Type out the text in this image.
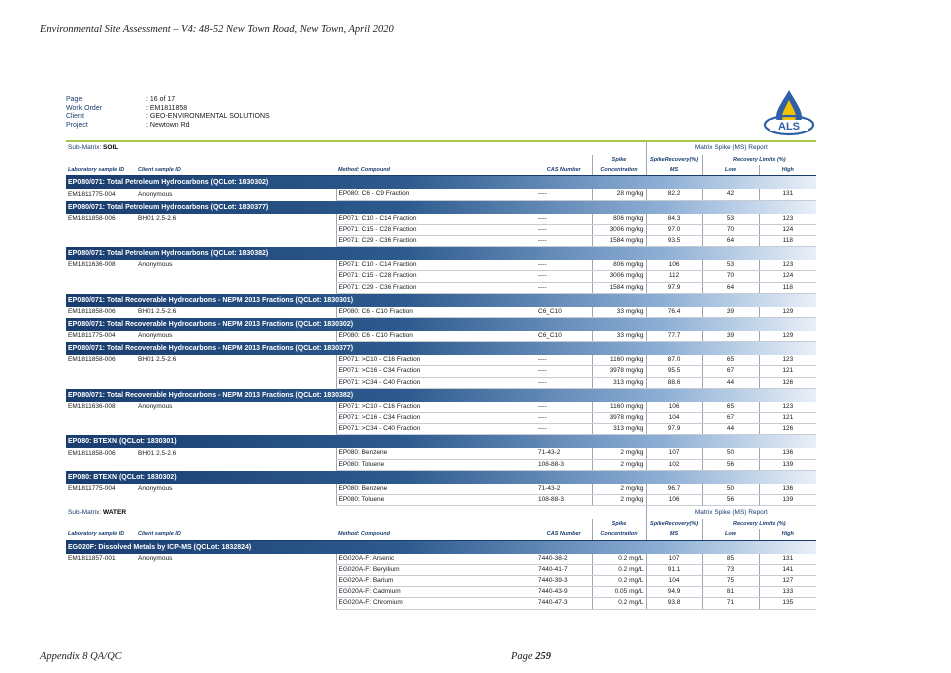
Environmental Site Assessment – V4: 48-52 New Town Road, New Town, April 2020
Page	: 16 of 17
Work Order	: EM1811858
Client	: GEO-ENVIRONMENTAL SOLUTIONS
Project	: Newtown Rd	ALS
Sub-Matrix: SOIL					Matrix Spike (MS) Report		
				Spike	SpikeRecovery(%)	Recovery Limits (%)	
Laboratory sample ID	Client sample ID	Method: Compound	CAS Number	Concentration	MS	Low	High
EP080/071: Total Petroleum Hydrocarbons (QCLot: 1830302)							
EM1811775-004	Anonymous	EP080: C6 - C9 Fraction	----	28 mg/kg	82.2	42	131
EP080/071: Total Petroleum Hydrocarbons (QCLot: 1830377)							
EM1811858-006	BH01 2.5-2.6	EP071: C10 - C14 Fraction	----	806 mg/kg	84.3	53	123
		EP071: C15 - C28 Fraction	----	3006 mg/kg	97.0	70	124
		EP071: C29 - C36 Fraction	----	1584 mg/kg	93.5	64	118
EP080/071: Total Petroleum Hydrocarbons (QCLot: 1830382)							
EM1811636-008	Anonymous	EP071: C10 - C14 Fraction	----	806 mg/kg	106	53	123
		EP071: C15 - C28 Fraction	----	3006 mg/kg	112	70	124
		EP071: C29 - C36 Fraction	----	1584 mg/kg	97.9	64	118
EP080/071: Total Recoverable Hydrocarbons - NEPM 2013 Fractions (QCLot: 1830301)							
EM1811858-006	BH01 2.5-2.6	EP080: C6 - C10 Fraction	C6_C10	33 mg/kg	76.4	39	129
EP080/071: Total Recoverable Hydrocarbons - NEPM 2013 Fractions (QCLot: 1830302)							
EM1811775-004	Anonymous	EP080: C6 - C10 Fraction	C6_C10	33 mg/kg	77.7	39	129
EP080/071: Total Recoverable Hydrocarbons - NEPM 2013 Fractions (QCLot: 1830377)							
EM1811858-006	BH01 2.5-2.6	EP071: >C10 - C16 Fraction	----	1160 mg/kg	87.0	65	123
		EP071: >C16 - C34 Fraction	----	3978 mg/kg	95.5	67	121
		EP071: >C34 - C40 Fraction	----	313 mg/kg	88.6	44	126
EP080/071: Total Recoverable Hydrocarbons - NEPM 2013 Fractions (QCLot: 1830382)							
EM1811636-008	Anonymous	EP071: >C10 - C16 Fraction	----	1160 mg/kg	106	65	123
		EP071: >C16 - C34 Fraction	----	3978 mg/kg	104	67	121
		EP071: >C34 - C40 Fraction	----	313 mg/kg	97.9	44	126
EP080: BTEXN (QCLot: 1830301)							
EM1811858-006	BH01 2.5-2.6	EP080: Benzene	71-43-2	2 mg/kg	107	50	136
		EP080: Toluene	108-88-3	2 mg/kg	102	56	139
EP080: BTEXN (QCLot: 1830302)							
EM1811775-004	Anonymous	EP080: Benzene	71-43-2	2 mg/kg	96.7	50	136
		EP080: Toluene	108-88-3	2 mg/kg	106	56	139
Sub-Matrix: WATER					Matrix Spike (MS) Report		
				Spike	SpikeRecovery(%)	Recovery Limits (%)	
Laboratory sample ID	Client sample ID	Method: Compound	CAS Number	Concentration	MS	Low	High
EG020F: Dissolved Metals by ICP-MS (QCLot: 1832824)							
EM1811857-001	Anonymous	EG020A-F: Arsenic	7440-38-2	0.2 mg/L	107	85	131
		EG020A-F: Beryllium	7440-41-7	0.2 mg/L	91.1	73	141
		EG020A-F: Barium	7440-39-3	0.2 mg/L	104	75	127
		EG020A-F: Cadmium	7440-43-9	0.05 mg/L	94.9	81	133
		EG020A-F: Chromium	7440-47-3	0.2 mg/L	93.8	71	135
Appendix 8 QA/QC	Page 259
